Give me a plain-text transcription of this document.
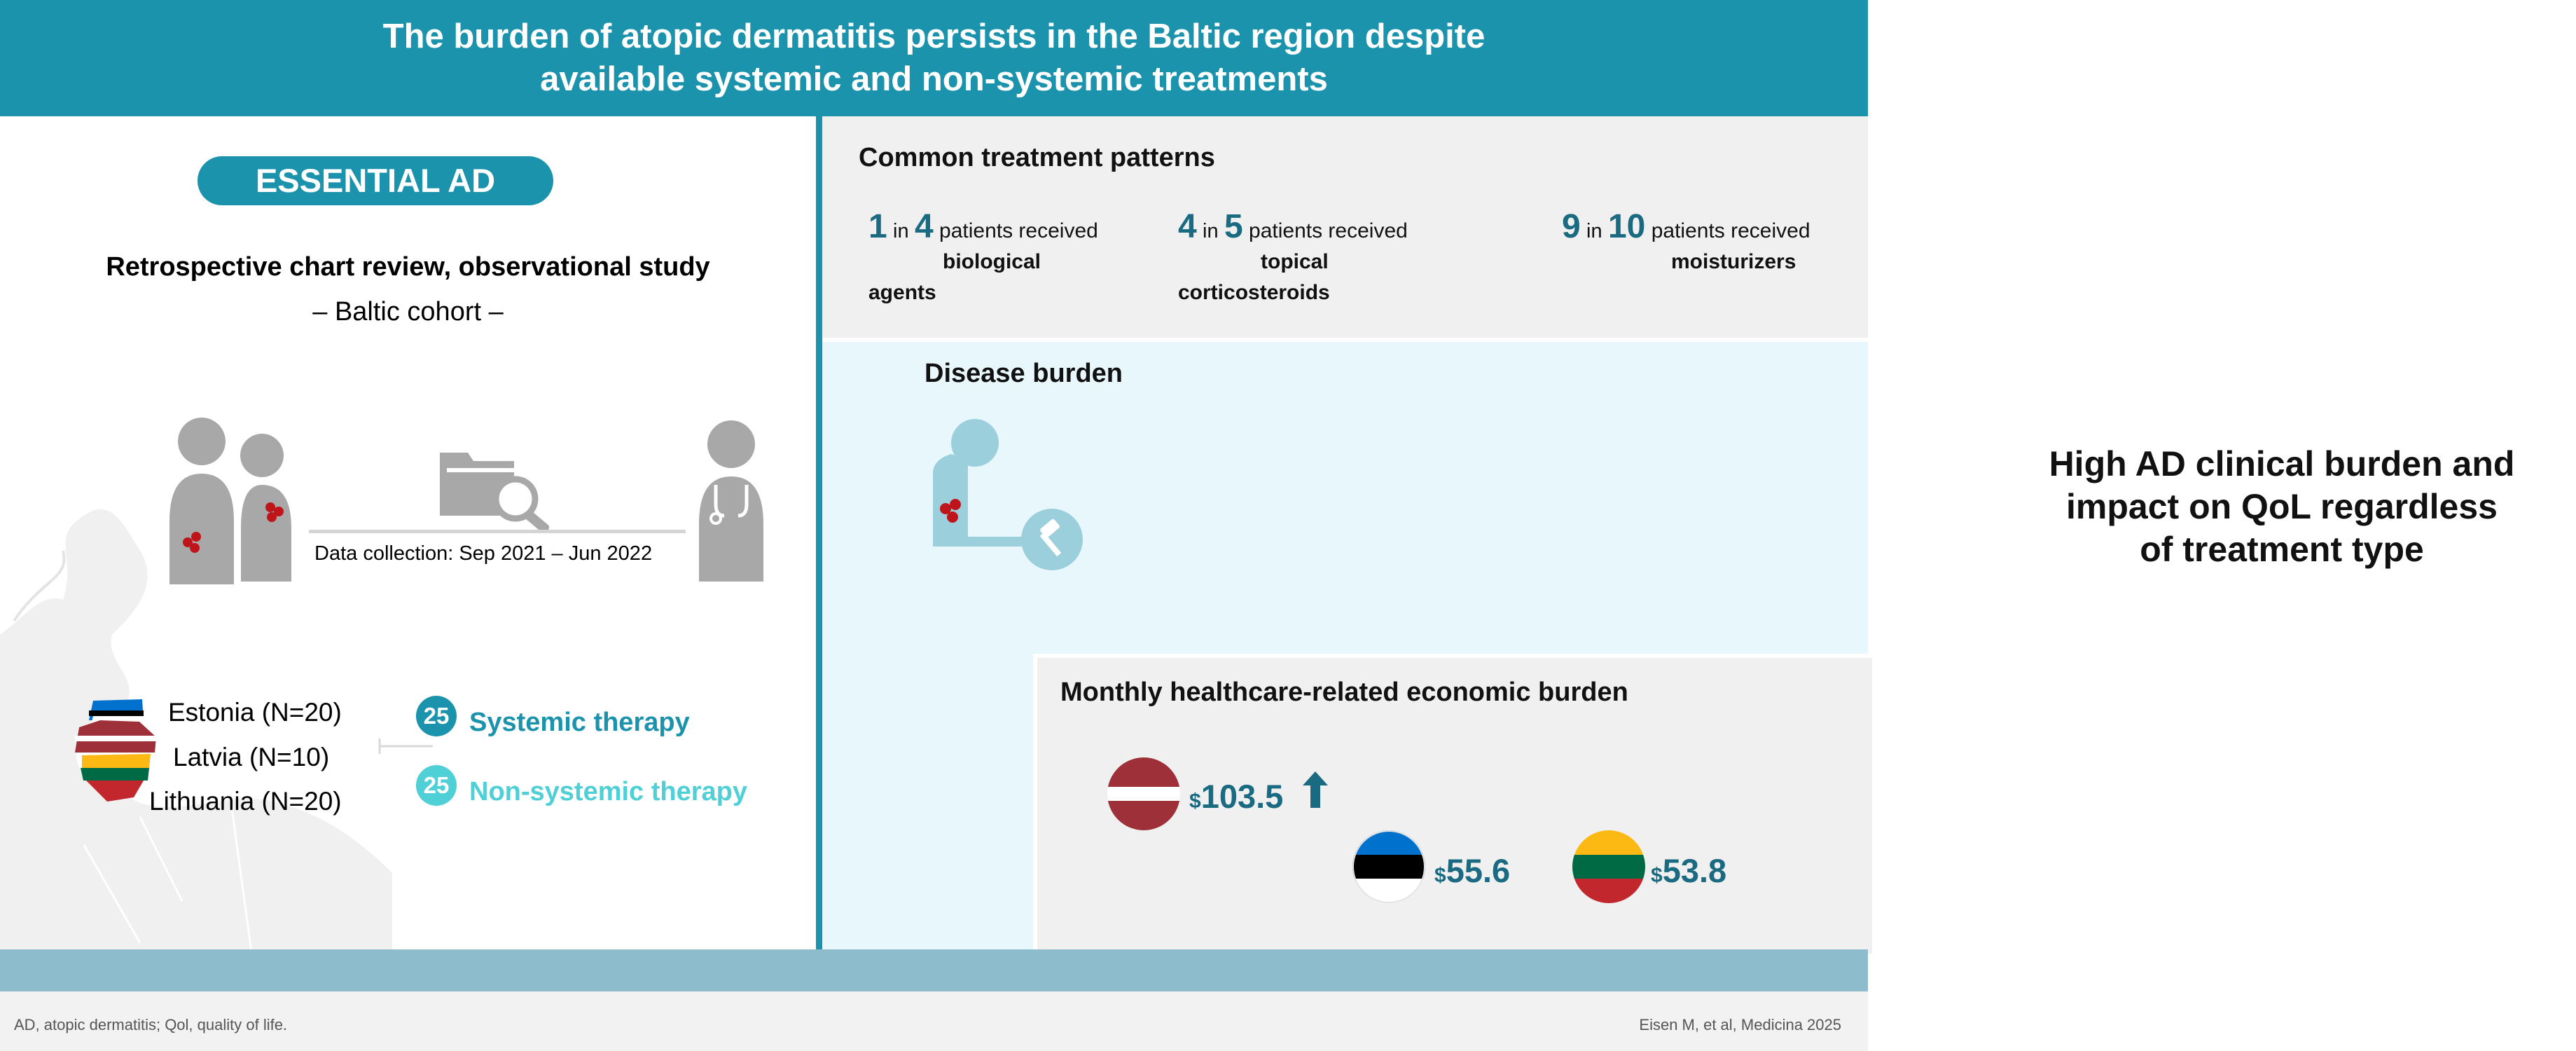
The burden of atopic dermatitis persists in the Baltic region despite
available systemic and non-systemic treatments
ESSENTIAL AD
Retrospective chart review, observational study
– Baltic cohort –
Data collection: Sep 2021 – Jun 2022
Estonia (N=20)
Latvia (N=10)
Lithuania (N=20)
25 Systemic therapy
25 Non-systemic therapy
Common treatment patterns
1 in 4 patients received
biological agents
4 in 5 patients received
topical corticosteroids
9 in 10 patients received
moisturizers
Disease burden
High AD clinical burden and
impact on QoL regardless
of treatment type
Monthly healthcare-related economic burden
$103.5
$55.6	$53.8
AD, atopic dermatitis; Qol, quality of life.	Eisen M, et al, Medicina 2025
